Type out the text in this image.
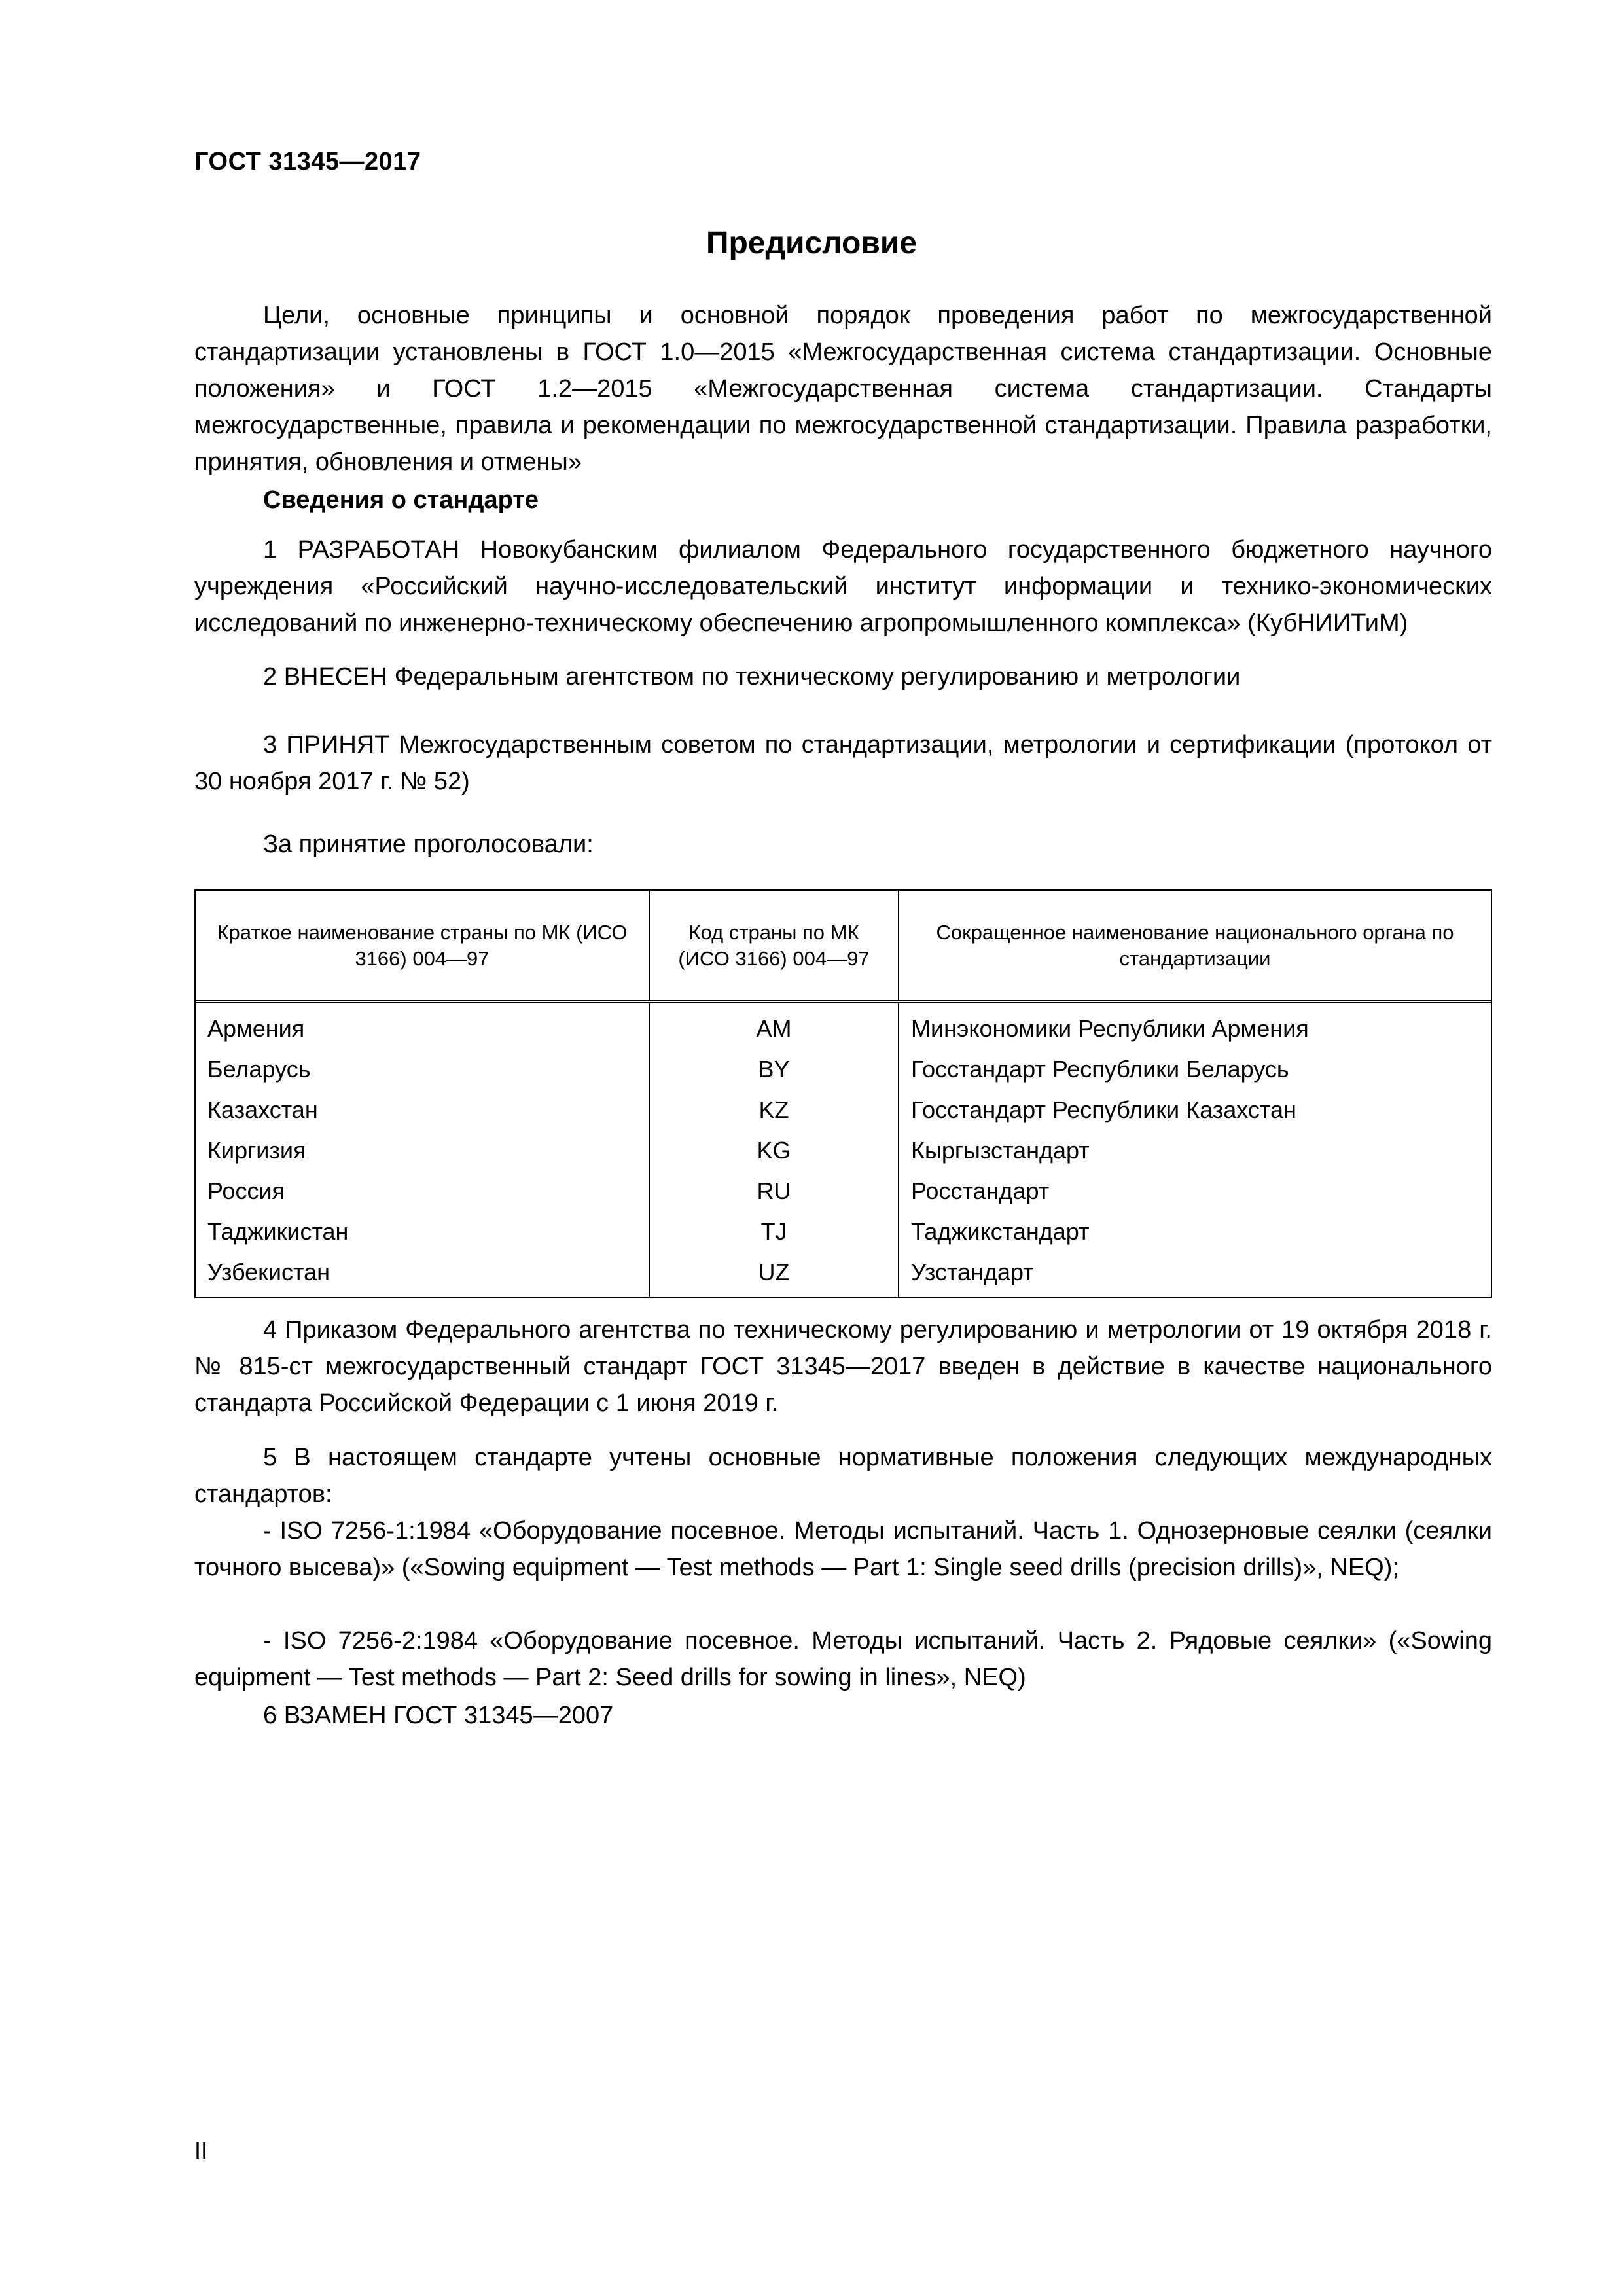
ГОСТ 31345—2017
Предисловие
Цели, основные принципы и основной порядок проведения работ по межгосударственной стандартизации установлены в ГОСТ 1.0—2015 «Межгосударственная система стандартизации. Основные положения» и ГОСТ 1.2—2015 «Межгосударственная система стандартизации. Стандарты межгосударственные, правила и рекомендации по межгосударственной стандартизации. Правила разработки, принятия, обновления и отмены»
Сведения о стандарте
1 РАЗРАБОТАН Новокубанским филиалом Федерального государственного бюджетного научного учреждения «Российский научно-исследовательский институт информации и технико-экономических исследований по инженерно-техническому обеспечению агропромышленного комплекса» (КубНИИТиМ)
2 ВНЕСЕН Федеральным агентством по техническому регулированию и метрологии
3 ПРИНЯТ Межгосударственным советом по стандартизации, метрологии и сертификации (протокол от 30 ноября 2017 г. № 52)
За принятие проголосовали:
Краткое наименование страны по МК (ИСО 3166) 004—97
Код страны по МК (ИСО 3166) 004—97
Сокращенное наименование национального органа по стандартизации
Армения
Беларусь
Казахстан
Киргизия
Россия
Таджикистан
Узбекистан
AM
BY
KZ
KG
RU
TJ
UZ
Минэкономики Республики Армения
Госстандарт Республики Беларусь
Госстандарт Республики Казахстан
Кыргызстандарт
Росстандарт
Таджикстандарт
Узстандарт
4 Приказом Федерального агентства по техническому регулированию и метрологии от 19 октября 2018 г. № 815-ст межгосударственный стандарт ГОСТ 31345—2017 введен в действие в качестве национального стандарта Российской Федерации с 1 июня 2019 г.
5 В настоящем стандарте учтены основные нормативные положения следующих международных стандартов:
- ISO 7256-1:1984 «Оборудование посевное. Методы испытаний. Часть 1. Однозерновые сеялки (сеялки точного высева)» («Sowing equipment — Test methods — Part 1: Single seed drills (precision drills)», NEQ);
- ISO 7256-2:1984 «Оборудование посевное. Методы испытаний. Часть 2. Рядовые сеялки» («Sowing equipment — Test methods — Part 2: Seed drills for sowing in lines», NEQ)
6 ВЗАМЕН ГОСТ 31345—2007
II
